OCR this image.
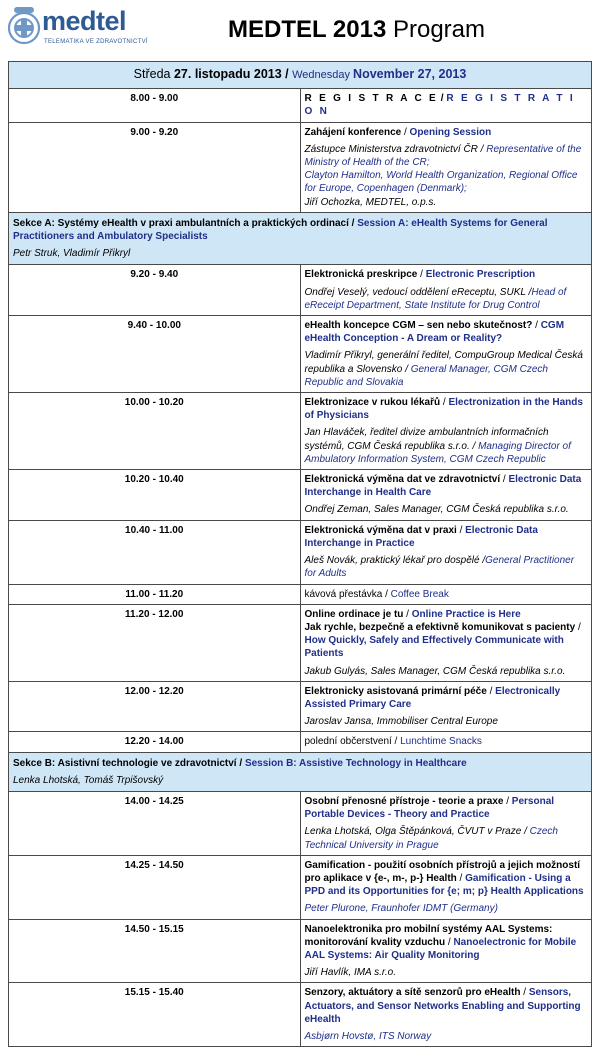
medtel
TELEMATIKA VE ZDRAVOTNICTVÍ	MEDTEL 2013 Program
Středa 27. listopadu 2013 / Wednesday November 27, 2013	
8.00 - 9.00	R E G I S T R A C E / R E G I S T R A T I O N
9.00 - 9.20	Zahájení konference / Opening Session
Zástupce Ministerstva zdravotnictví ČR / Representative of the Ministry of Health of the CR;
Clayton Hamilton, World Health Organization, Regional Office for Europe, Copenhagen (Denmark);
Jiří Ochozka, MEDTEL, o.p.s.

Sekce A: Systémy eHealth v praxi ambulantních a praktických ordinací / Session A: eHealth Systems for General Practitioners and Ambulatory Specialists
Petr Struk, Vladimír Přikryl	

9.20 - 9.40	Elektronická preskripce / Electronic Prescription
Ondřej Veselý, vedoucí oddělení eReceptu, SUKL /Head of eReceipt Department, State Institute for Drug Control

9.40 - 10.00	eHealth koncepce CGM – sen nebo skutečnost? / CGM eHealth Conception - A Dream or Reality?
Vladimír Přikryl, generální ředitel, CompuGroup Medical Česká republika a Slovensko / General Manager, CGM Czech Republic and Slovakia

10.00 - 10.20	Elektronizace v rukou lékařů / Electronization in the Hands of Physicians
Jan Hlaváček, ředitel divize ambulantních informačních systémů, CGM Česká republika s.r.o. / Managing Director of Ambulatory Information System, CGM Czech Republic

10.20 - 10.40	Elektronická výměna dat ve zdravotnictví / Electronic Data Interchange in Health Care
Ondřej Zeman, Sales Manager, CGM Česká republika s.r.o.

10.40 - 11.00	Elektronická výměna dat v praxi / Electronic Data Interchange in Practice
Aleš Novák, praktický lékař pro dospělé /General Practitioner for Adults

11.00 - 11.20	kávová přestávka / Coffee Break
11.20 - 12.00	Online ordinace je tu / Online Practice is Here
Jak rychle, bezpečně a efektivně komunikovat s pacienty / How Quickly, Safely and Effectively Communicate with Patients
Jakub Gulyás, Sales Manager, CGM Česká republika s.r.o.

12.00 - 12.20	Elektronicky asistovaná primární péče / Electronically Assisted Primary Care
Jaroslav Jansa, Immobiliser Central Europe

12.20 - 14.00	polední občerstvení / Lunchtime Snacks
Sekce B: Asistivní technologie ve zdravotnictví / Session B: Assistive Technology in Healthcare
Lenka Lhotská, Tomáš Trpišovský	

14.00 - 14.25	Osobní přenosné přístroje - teorie a praxe / Personal Portable Devices - Theory and Practice
Lenka Lhotská, Olga Štěpánková, ČVUT v Praze / Czech Technical University in Prague

14.25 - 14.50	Gamification - použití osobních přístrojů a jejich možností pro aplikace v {e-, m-, p-} Health / Gamification - Using a PPD and its Opportunities for {e; m; p} Health Applications
Peter Plurone, Fraunhofer IDMT (Germany)

14.50 - 15.15	Nanoelektronika pro mobilní systémy AAL Systems: monitorování kvality vzduchu / Nanoelectronic for Mobile AAL Systems: Air Quality Monitoring
Jiří Havlík, IMA s.r.o.

15.15 - 15.40	Senzory, aktuátory a sítě senzorů pro eHealth / Sensors, Actuators, and Sensor Networks Enabling and Supporting eHealth
Asbjørn Hovstø, ITS Norway
